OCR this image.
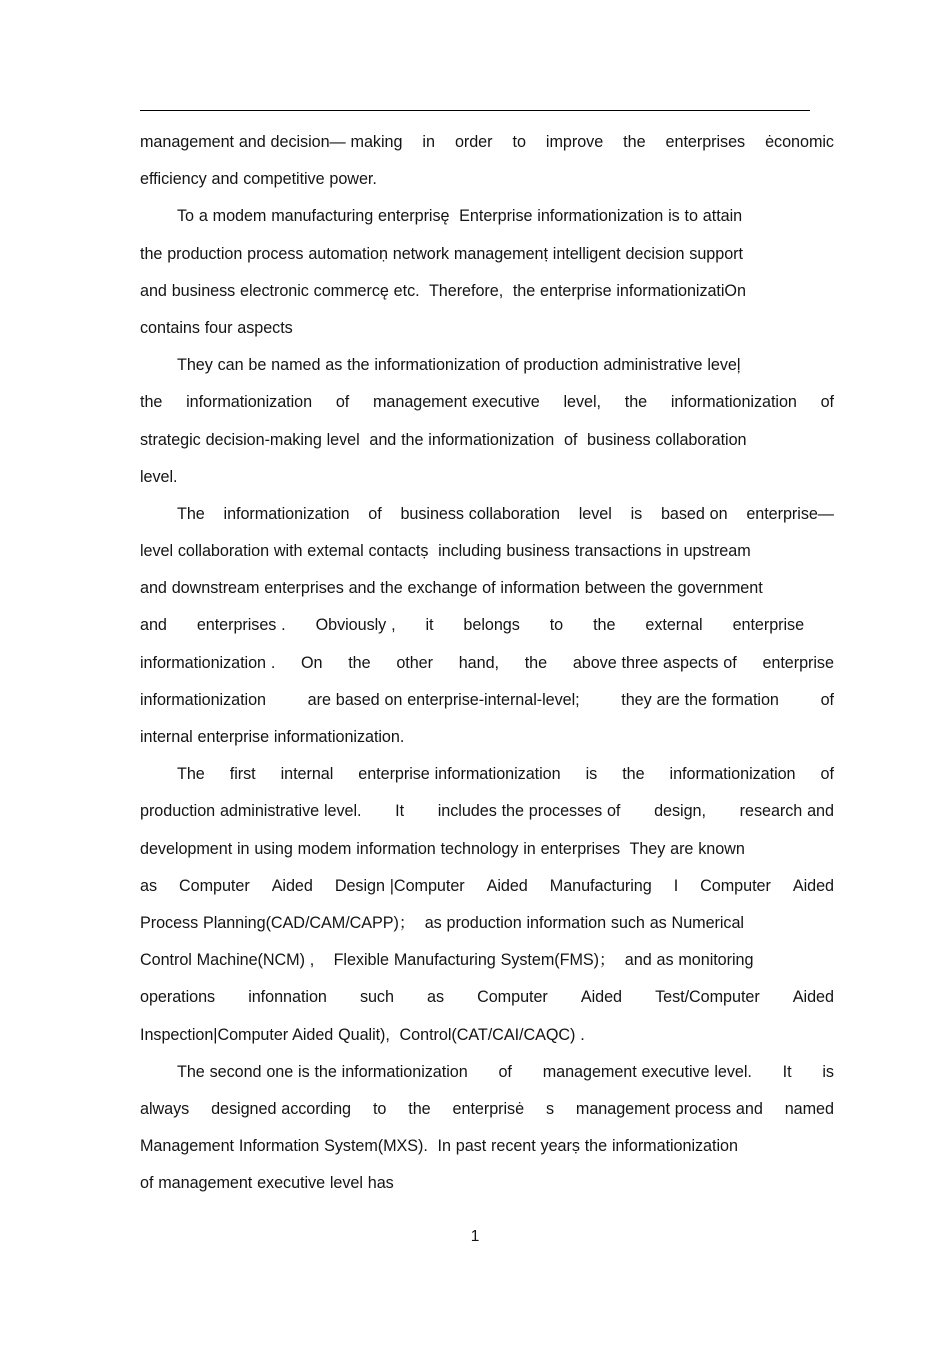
management and decision— making in order to improve the enterprises ėconomic
efficiency and competitive power.
To a modem manufacturing enterprisę  Enterprise informationization is to attain
the production process automatioṇ network managemenṭ intelligent decision support
and business electronic commercę etc.  Therefore,  the enterprise informationizatiOn
contains four aspects
They can be named as the informationization of production administrative leveļ
the informationization of management executive level, the informationization of
strategic decision-making level  and the informationization  of  business collaboration
level.
The informationization of business collaboration level is based on enterprise—
level collaboration with extemal contactṣ  including business transactions in upstream
and downstream enterprises and the exchange of information between the government
and enterprises . Obviously , it belongs to the external enterprise
informationization . On the other hand, the above three aspects of enterprise
informationization	are based on enterprise-internal-level;	they are the formation	of
internal enterprise informationization.
The first internal enterprise informationization is the informationization of
production administrative level. It includes the processes of design, research and
development in using modem information technology in enterprises  They are known
as Computer Aided Design |Computer Aided Manufacturing I Computer Aided
Process Planning(CAD/CAM/CAPP)；  as production information such as Numerical
Control Machine(NCM) ,    Flexible Manufacturing System(FMS)；  and as monitoring
operations infonnation such as Computer Aided Test/Computer Aided
Inspection|Computer Aided Qualit),  Control(CAT/CAI/CAQC) .
The second one is the informationization of management executive level. It is
always designed according to the enterprisė s management process and named
Management Information System(MXS).  In past recent yearṣ the informationization
of management executive level has
1
